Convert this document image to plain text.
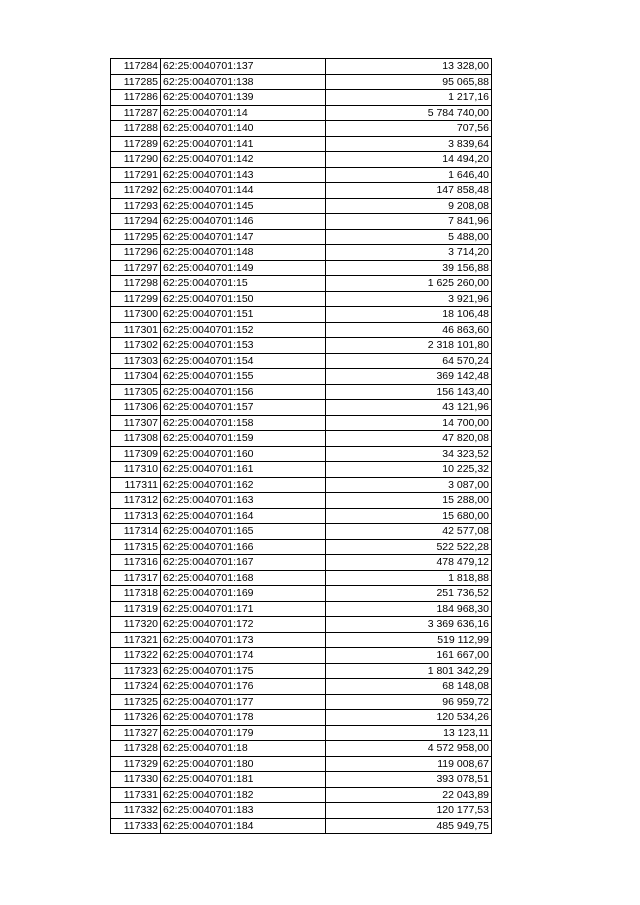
117284	62:25:0040701:137	13 328,00
117285	62:25:0040701:138	95 065,88
117286	62:25:0040701:139	1 217,16
117287	62:25:0040701:14	5 784 740,00
117288	62:25:0040701:140	707,56
117289	62:25:0040701:141	3 839,64
117290	62:25:0040701:142	14 494,20
117291	62:25:0040701:143	1 646,40
117292	62:25:0040701:144	147 858,48
117293	62:25:0040701:145	9 208,08
117294	62:25:0040701:146	7 841,96
117295	62:25:0040701:147	5 488,00
117296	62:25:0040701:148	3 714,20
117297	62:25:0040701:149	39 156,88
117298	62:25:0040701:15	1 625 260,00
117299	62:25:0040701:150	3 921,96
117300	62:25:0040701:151	18 106,48
117301	62:25:0040701:152	46 863,60
117302	62:25:0040701:153	2 318 101,80
117303	62:25:0040701:154	64 570,24
117304	62:25:0040701:155	369 142,48
117305	62:25:0040701:156	156 143,40
117306	62:25:0040701:157	43 121,96
117307	62:25:0040701:158	14 700,00
117308	62:25:0040701:159	47 820,08
117309	62:25:0040701:160	34 323,52
117310	62:25:0040701:161	10 225,32
117311	62:25:0040701:162	3 087,00
117312	62:25:0040701:163	15 288,00
117313	62:25:0040701:164	15 680,00
117314	62:25:0040701:165	42 577,08
117315	62:25:0040701:166	522 522,28
117316	62:25:0040701:167	478 479,12
117317	62:25:0040701:168	1 818,88
117318	62:25:0040701:169	251 736,52
117319	62:25:0040701:171	184 968,30
117320	62:25:0040701:172	3 369 636,16
117321	62:25:0040701:173	519 112,99
117322	62:25:0040701:174	161 667,00
117323	62:25:0040701:175	1 801 342,29
117324	62:25:0040701:176	68 148,08
117325	62:25:0040701:177	96 959,72
117326	62:25:0040701:178	120 534,26
117327	62:25:0040701:179	13 123,11
117328	62:25:0040701:18	4 572 958,00
117329	62:25:0040701:180	119 008,67
117330	62:25:0040701:181	393 078,51
117331	62:25:0040701:182	22 043,89
117332	62:25:0040701:183	120 177,53
117333	62:25:0040701:184	485 949,75
